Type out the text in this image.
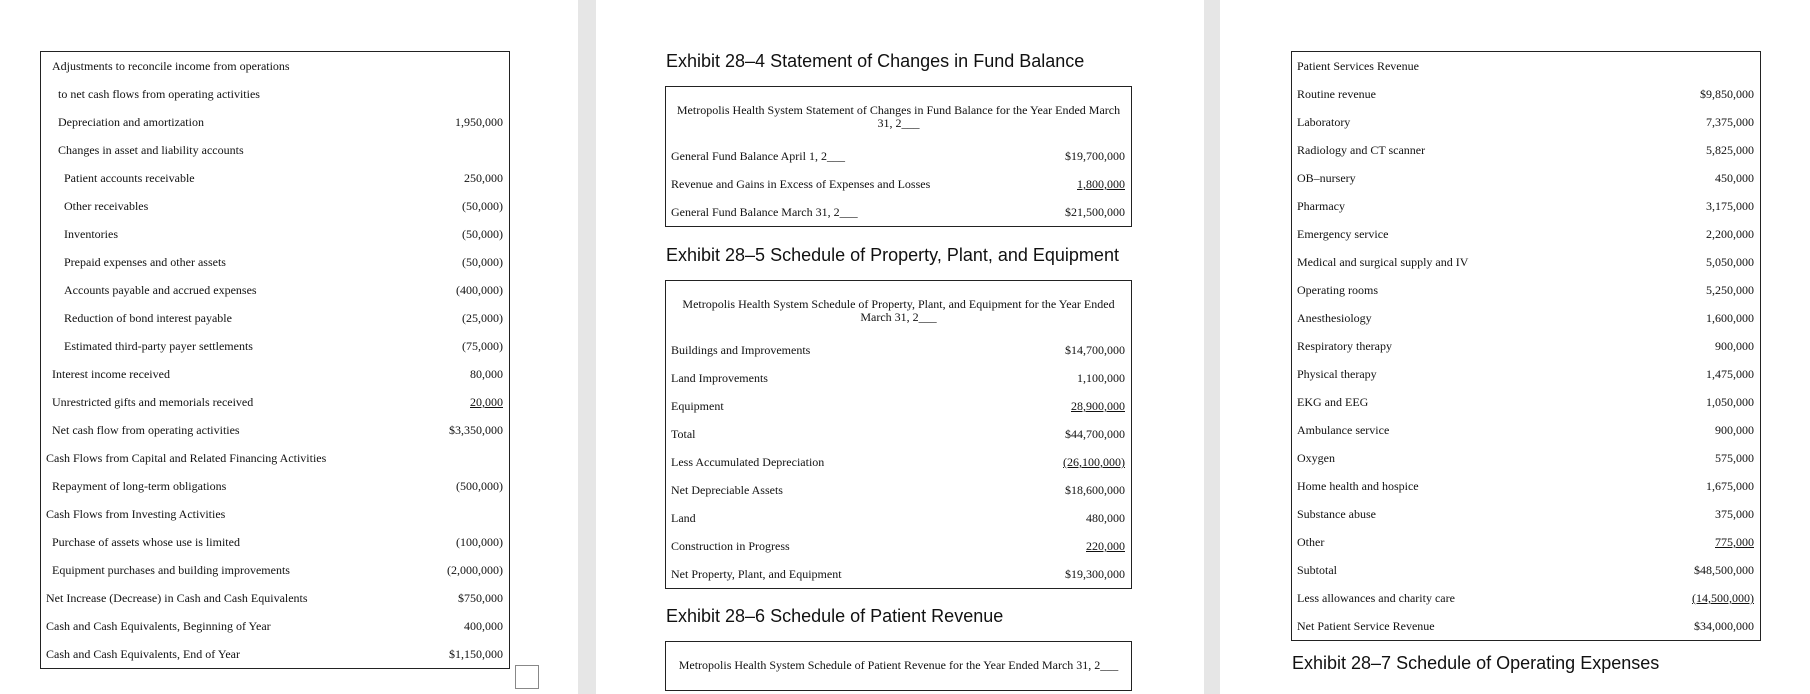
Adjustments to reconcile income from operations
to net cash flows from operating activities
Depreciation and amortization	1,950,000
Changes in asset and liability accounts
Patient accounts receivable	250,000
Other receivables	(50,000)
Inventories	(50,000)
Prepaid expenses and other assets	(50,000)
Accounts payable and accrued expenses	(400,000)
Reduction of bond interest payable	(25,000)
Estimated third-party payer settlements	(75,000)
Interest income received	80,000
Unrestricted gifts and memorials received	20,000
Net cash flow from operating activities	$3,350,000
Cash Flows from Capital and Related Financing Activities
Repayment of long-term obligations	(500,000)
Cash Flows from Investing Activities
Purchase of assets whose use is limited	(100,000)
Equipment purchases and building improvements	(2,000,000)
Net Increase (Decrease) in Cash and Cash Equivalents	$750,000
Cash and Cash Equivalents, Beginning of Year	400,000
Cash and Cash Equivalents, End of Year	$1,150,000
Exhibit 28–4 Statement of Changes in Fund Balance
Metropolis Health System Statement of Changes in Fund Balance for the Year Ended March 31, 2___
General Fund Balance April 1, 2___	$19,700,000
Revenue and Gains in Excess of Expenses and Losses	1,800,000
General Fund Balance March 31, 2___	$21,500,000
Exhibit 28–5 Schedule of Property, Plant, and Equipment
Metropolis Health System Schedule of Property, Plant, and Equipment for the Year Ended March 31, 2___
Buildings and Improvements	$14,700,000
Land Improvements	1,100,000
Equipment	28,900,000
Total	$44,700,000
Less Accumulated Depreciation	(26,100,000)
Net Depreciable Assets	$18,600,000
Land	480,000
Construction in Progress	220,000
Net Property, Plant, and Equipment	$19,300,000
Exhibit 28–6 Schedule of Patient Revenue
Metropolis Health System Schedule of Patient Revenue for the Year Ended March 31, 2___
Patient Services Revenue
Routine revenue	$9,850,000
Laboratory	7,375,000
Radiology and CT scanner	5,825,000
OB–nursery	450,000
Pharmacy	3,175,000
Emergency service	2,200,000
Medical and surgical supply and IV	5,050,000
Operating rooms	5,250,000
Anesthesiology	1,600,000
Respiratory therapy	900,000
Physical therapy	1,475,000
EKG and EEG	1,050,000
Ambulance service	900,000
Oxygen	575,000
Home health and hospice	1,675,000
Substance abuse	375,000
Other	775,000
Subtotal	$48,500,000
Less allowances and charity care	(14,500,000)
Net Patient Service Revenue	$34,000,000
Exhibit 28–7 Schedule of Operating Expenses
